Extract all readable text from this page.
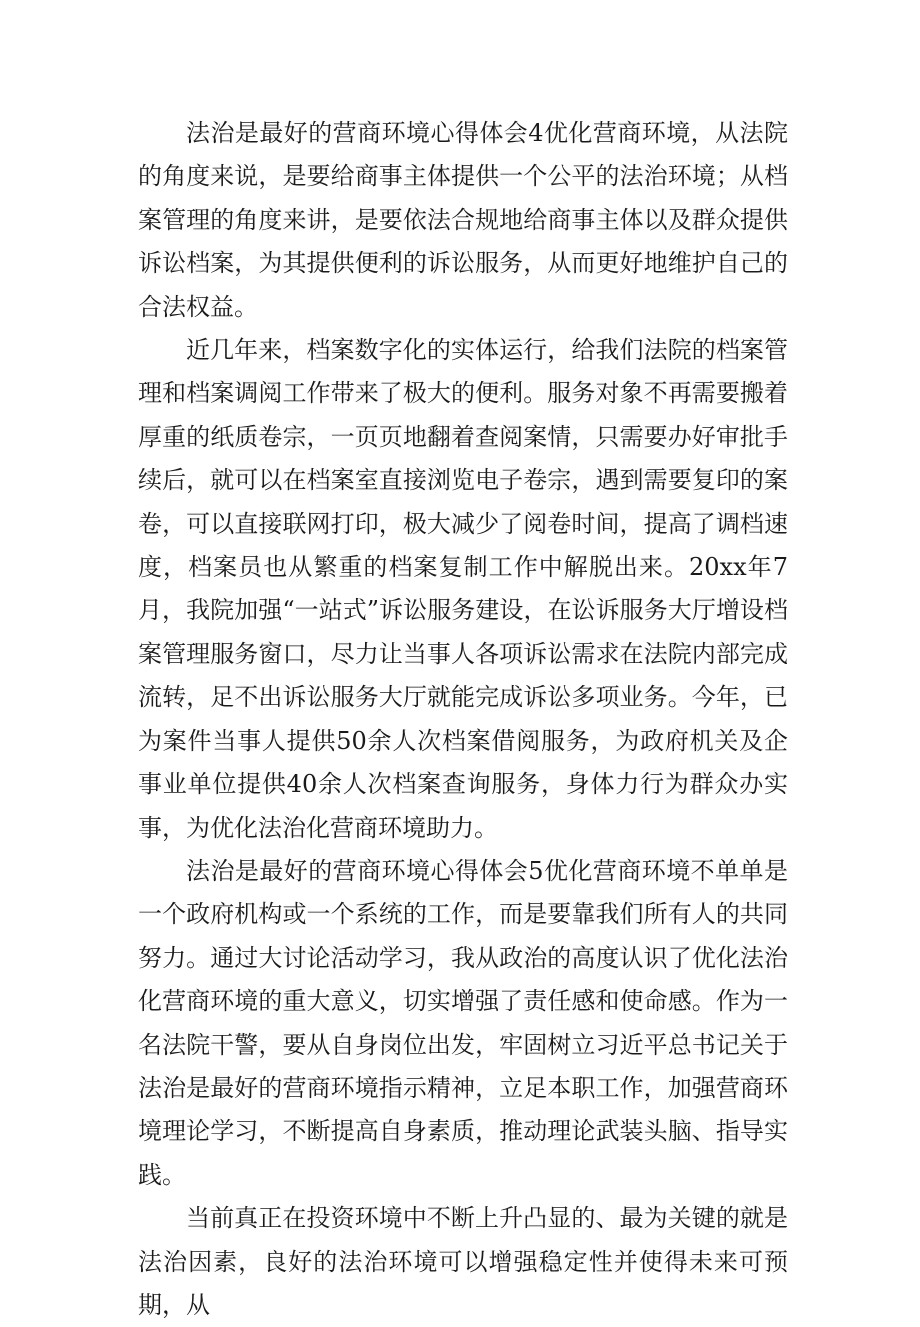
法治是最好的营商环境心得体会4优化营商环境，从法院的角度来说，是要给商事主体提供一个公平的法治环境；从档案管理的角度来讲，是要依法合规地给商事主体以及群众提供诉讼档案，为其提供便利的诉讼服务，从而更好地维护自己的合法权益。

近几年来，档案数字化的实体运行，给我们法院的档案管理和档案调阅工作带来了极大的便利。服务对象不再需要搬着厚重的纸质卷宗，一页页地翻着查阅案情，只需要办好审批手续后，就可以在档案室直接浏览电子卷宗，遇到需要复印的案卷，可以直接联网打印，极大减少了阅卷时间，提高了调档速度，档案员也从繁重的档案复制工作中解脱出来。20xx年7月，我院加强“一站式”诉讼服务建设，在讼诉服务大厅增设档案管理服务窗口，尽力让当事人各项诉讼需求在法院内部完成流转，足不出诉讼服务大厅就能完成诉讼多项业务。今年，已为案件当事人提供50余人次档案借阅服务，为政府机关及企事业单位提供40余人次档案查询服务，身体力行为群众办实事，为优化法治化营商环境助力。

法治是最好的营商环境心得体会5优化营商环境不单单是一个政府机构或一个系统的工作，而是要靠我们所有人的共同努力。通过大讨论活动学习，我从政治的高度认识了优化法治化营商环境的重大意义，切实增强了责任感和使命感。作为一名法院干警，要从自身岗位出发，牢固树立习近平总书记关于法治是最好的营商环境指示精神，立足本职工作，加强营商环境理论学习，不断提高自身素质，推动理论武装头脑、指导实践。

当前真正在投资环境中不断上升凸显的、最为关键的就是法治因素，良好的法治环境可以增强稳定性并使得未来可预期，从
